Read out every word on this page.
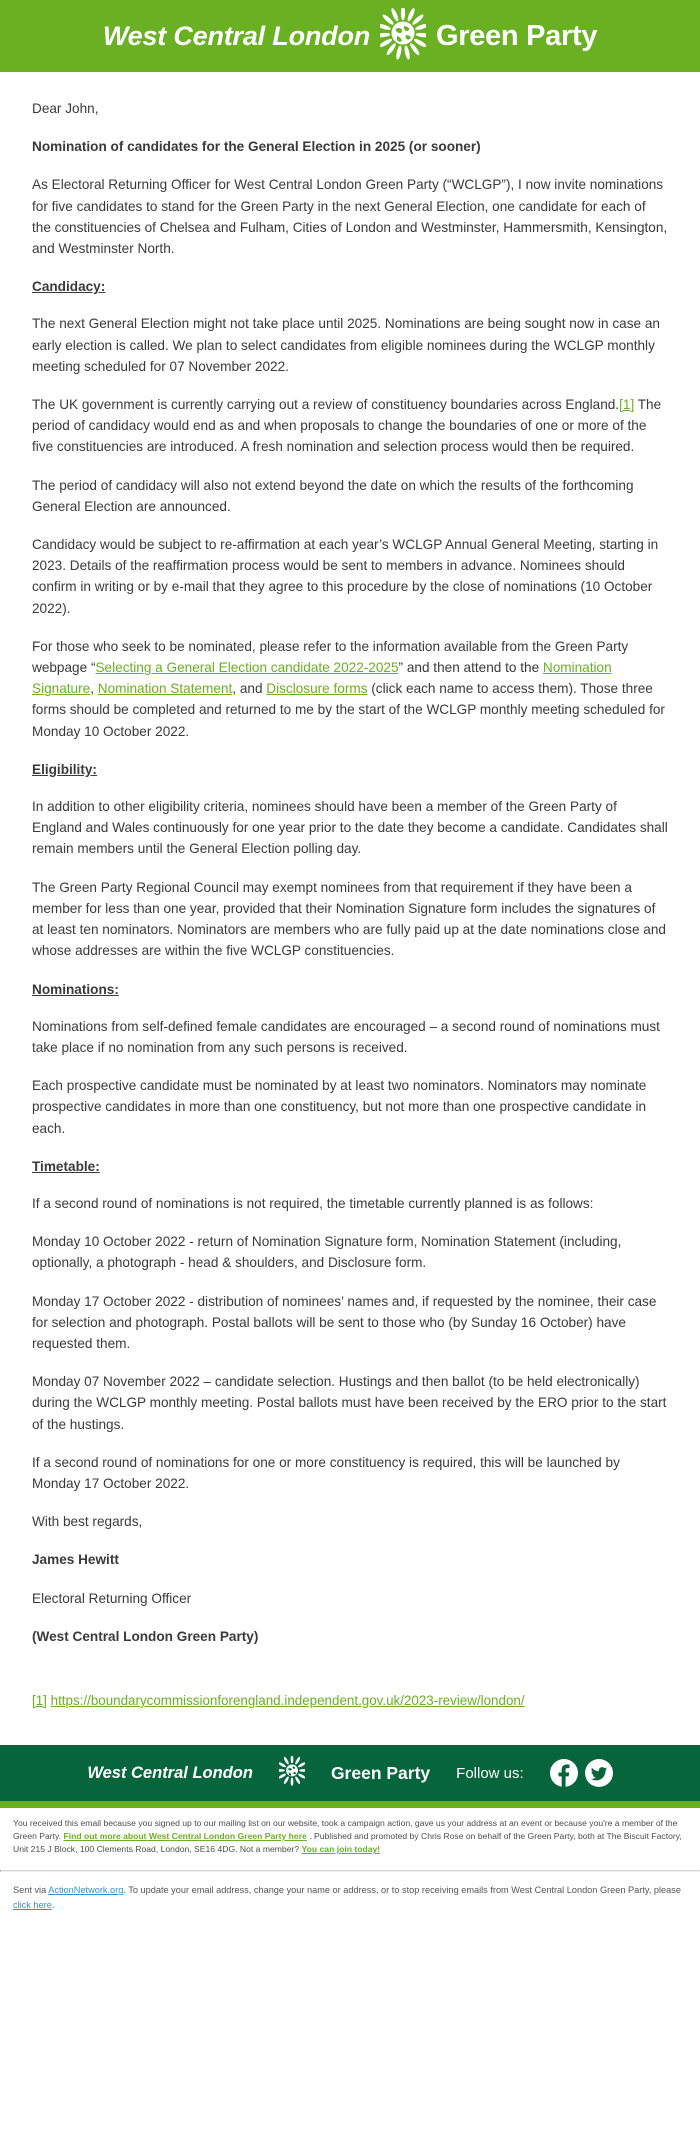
West Central London Green Party

Dear John,

Nomination of candidates for the General Election in 2025 (or sooner)

As Electoral Returning Officer for West Central London Green Party (“WCLGP”), I now invite nominations for five candidates to stand for the Green Party in the next General Election, one candidate for each of the constituencies of Chelsea and Fulham, Cities of London and Westminster, Hammersmith, Kensington, and Westminster North.

Candidacy:

The next General Election might not take place until 2025. Nominations are being sought now in case an early election is called. We plan to select candidates from eligible nominees during the WCLGP monthly meeting scheduled for 07 November 2022.

The UK government is currently carrying out a review of constituency boundaries across England.[1] The period of candidacy would end as and when proposals to change the boundaries of one or more of the five constituencies are introduced. A fresh nomination and selection process would then be required.

The period of candidacy will also not extend beyond the date on which the results of the forthcoming General Election are announced.

Candidacy would be subject to re-affirmation at each year’s WCLGP Annual General Meeting, starting in 2023. Details of the reaffirmation process would be sent to members in advance. Nominees should confirm in writing or by e-mail that they agree to this procedure by the close of nominations (10 October 2022).

For those who seek to be nominated, please refer to the information available from the Green Party webpage “Selecting a General Election candidate 2022-2025” and then attend to the Nomination Signature, Nomination Statement, and Disclosure forms (click each name to access them). Those three forms should be completed and returned to me by the start of the WCLGP monthly meeting scheduled for Monday 10 October 2022.

Eligibility:

In addition to other eligibility criteria, nominees should have been a member of the Green Party of England and Wales continuously for one year prior to the date they become a candidate. Candidates shall remain members until the General Election polling day.

The Green Party Regional Council may exempt nominees from that requirement if they have been a member for less than one year, provided that their Nomination Signature form includes the signatures of at least ten nominators. Nominators are members who are fully paid up at the date nominations close and whose addresses are within the five WCLGP constituencies.

Nominations:

Nominations from self-defined female candidates are encouraged – a second round of nominations must take place if no nomination from any such persons is received.

Each prospective candidate must be nominated by at least two nominators. Nominators may nominate prospective candidates in more than one constituency, but not more than one prospective candidate in each.

Timetable:

If a second round of nominations is not required, the timetable currently planned is as follows:

Monday 10 October 2022 - return of Nomination Signature form, Nomination Statement (including, optionally, a photograph - head & shoulders, and Disclosure form.

Monday 17 October 2022 - distribution of nominees’ names and, if requested by the nominee, their case for selection and photograph. Postal ballots will be sent to those who (by Sunday 16 October) have requested them.

Monday 07 November 2022 – candidate selection. Hustings and then ballot (to be held electronically) during the WCLGP monthly meeting. Postal ballots must have been received by the ERO prior to the start of the hustings.

If a second round of nominations for one or more constituency is required, this will be launched by Monday 17 October 2022.

With best regards,

James Hewitt

Electoral Returning Officer

(West Central London Green Party)

[1] https://boundarycommissionforengland.independent.gov.uk/2023-review/london/

West Central London	Green Party Follow us:
You received this email because you signed up to our mailing list on our website, took a campaign action, gave us your address at an event or because you're a member of the Green Party. Find out more about West Central London Green Party here . Published and promoted by Chris Rose on behalf of the Green Party, both at The Biscuit Factory, Unit 215 J Block, 100 Clements Road, London, SE16 4DG. Not a member? You can join today!
Sent via ActionNetwork.org. To update your email address, change your name or address, or to stop receiving emails from West Central London Green Party, please click here.
